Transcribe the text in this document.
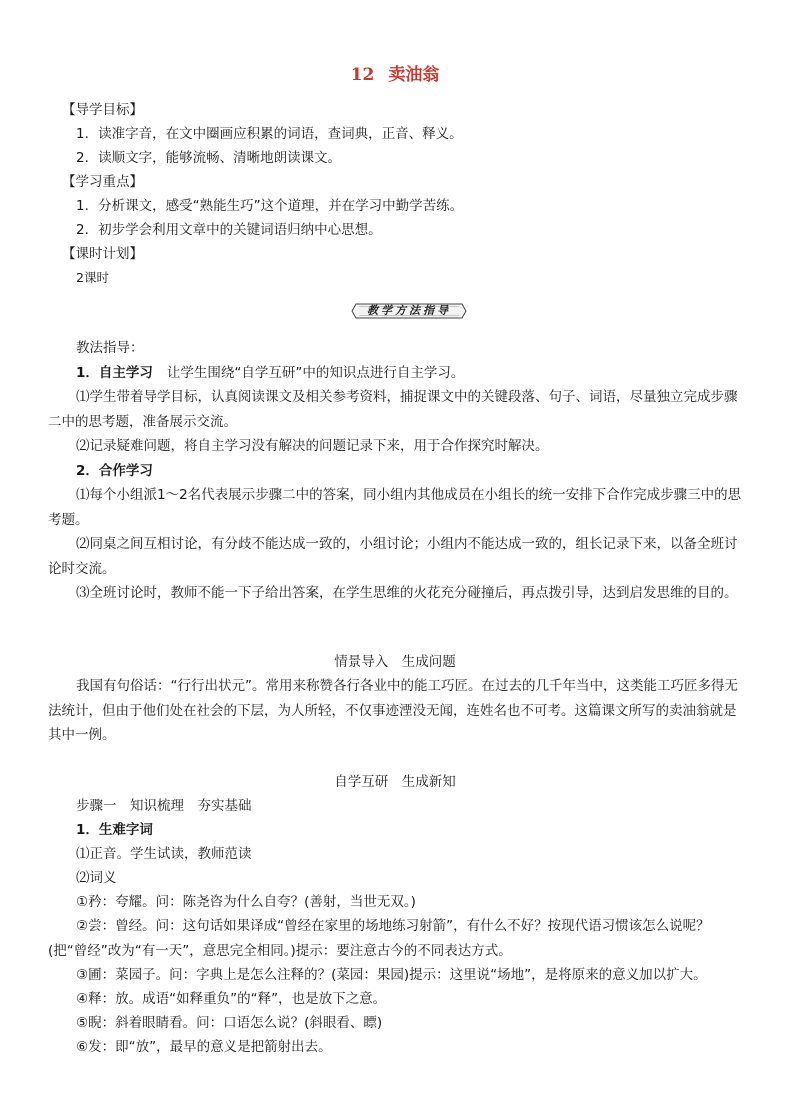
12 卖油翁
【导学目标】
1．读准字音，在文中圈画应积累的词语，查词典，正音、释义。
2．读顺文字，能够流畅、清晰地朗读课文。
【学习重点】
1．分析课文，感受“熟能生巧”这个道理，并在学习中勤学苦练。
2．初步学会利用文章中的关键词语归纳中心思想。
【课时计划】
2课时
教学方法指导
教法指导：
1．自主学习 让学生围绕“自学互研”中的知识点进行自主学习。

⑴学生带着导学目标，认真阅读课文及相关参考资料，捕捉课文中的关键段落、句子、词语，尽量独立完成步骤二中的思考题，准备展示交流。

⑵记录疑难问题，将自主学习没有解决的问题记录下来，用于合作探究时解决。

2．合作学习

⑴每个小组派1～2名代表展示步骤二中的答案，同小组内其他成员在小组长的统一安排下合作完成步骤三中的思考题。

⑵同桌之间互相讨论，有分歧不能达成一致的，小组讨论；小组内不能达成一致的，组长记录下来，以备全班讨论时交流。

⑶全班讨论时，教师不能一下子给出答案，在学生思维的火花充分碰撞后，再点拨引导，达到启发思维的目的。

情景导入　生成问题

我国有句俗话：“行行出状元”。常用来称赞各行各业中的能工巧匠。在过去的几千年当中，这类能工巧匠多得无法统计，但由于他们处在社会的下层，为人所轻，不仅事迹湮没无闻，连姓名也不可考。这篇课文所写的卖油翁就是其中一例。

自学互研　生成新知
步骤一　知识梳理　夯实基础
1．生难字词
⑴正音。学生试读，教师范读
⑵词义
①矜：夸耀。问：陈尧咨为什么自夸？(善射，当世无双。)

②尝：曾经。问：这句话如果译成“曾经在家里的场地练习射箭”，有什么不好？按现代语习惯该怎么说呢？(把“曾经”改为“有一天”，意思完全相同。)提示：要注意古今的不同表达方式。

③圃：菜园子。问：字典上是怎么注释的？(菜园：果园)提示：这里说“场地”，是将原来的意义加以扩大。
④释：放。成语“如释重负”的“释”，也是放下之意。
⑤睨：斜着眼睛看。问：口语怎么说？(斜眼看、瞟)
⑥发：即“放”，最早的意义是把箭射出去。
